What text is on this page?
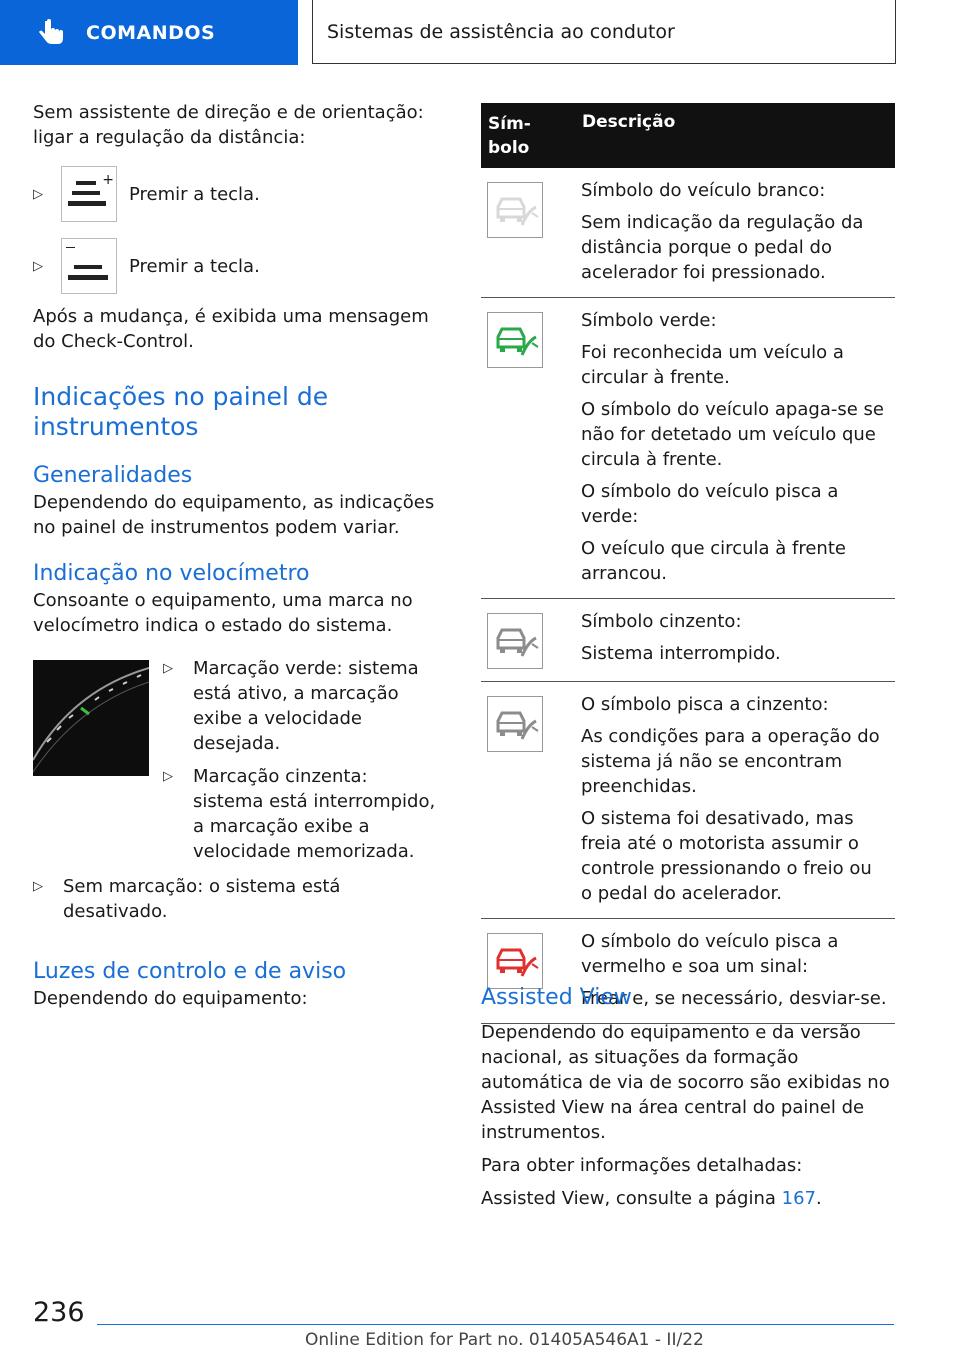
COMANDOS	Sistemas de assistência ao condutor

Sem assistente de direção e de orientação: ligar a regulação da distância:

▷
+

Premir a tecla.

▷	Premir a tecla.

Após a mudança, é exibida uma mensagem do Check-Control.

Indicações no painel de instrumentos
Generalidades

Dependendo do equipamento, as indicações no painel de instrumentos podem variar.

Indicação no velocímetro

Consoante o equipamento, uma marca no velocímetro indica o estado do sistema.

▷ Marcação verde: sistema está ativo, a marcação exibe a velocidade desejada.
▷ Marcação cinzenta: sistema está interrompido, a marcação exibe a velocidade memorizada.
▷ Sem marcação: o sistema está desativado.
Luzes de controlo e de aviso

Dependendo do equipamento:

Sím-
bolo
Descrição

Símbolo do veículo branco:

Sem indicação da regulação da distância porque o pedal do acelerador foi pressionado.

Símbolo verde:

Foi reconhecida um veículo a circular à frente.

O símbolo do veículo apaga-se se não for detetado um veículo que circula à frente.

O símbolo do veículo pisca a verde:

O veículo que circula à frente arrancou.

Símbolo cinzento:

Sistema interrompido.

O símbolo pisca a cinzento:

As condições para a operação do sistema já não se encontram preenchidas.

O sistema foi desativado, mas freia até o motorista assumir o controle pressionando o freio ou o pedal do acelerador.

O símbolo do veículo pisca a vermelho e soa um sinal:

Frear e, se necessário, desviar-se.

Assisted View

Dependendo do equipamento e da versão nacional, as situações da formação automática de via de socorro são exibidas no Assisted View na área central do painel de instrumentos.

Para obter informações detalhadas:

Assisted View, consulte a página 167.

236
Online Edition for Part no. 01405A546A1 - II/22
